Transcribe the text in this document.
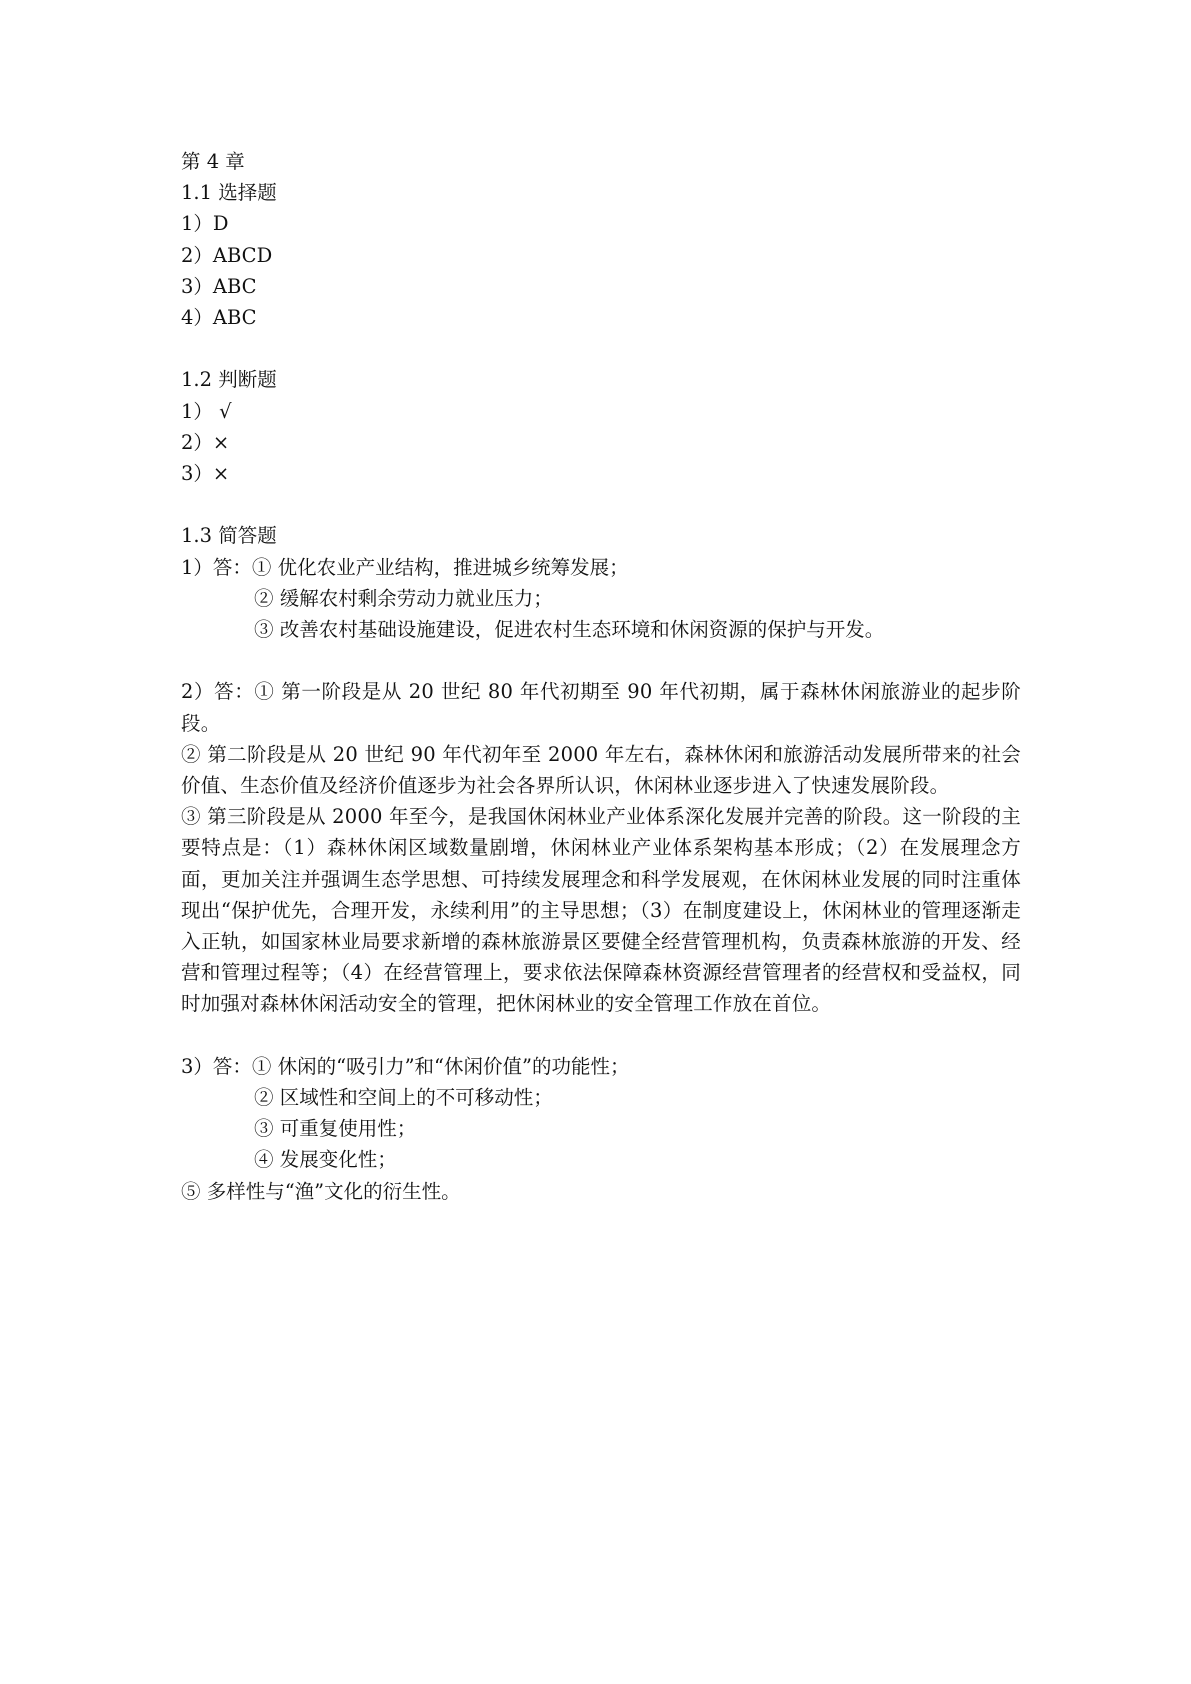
第 4 章

1.1 选择题

1）D

2）ABCD

3）ABC

4）ABC

1.2 判断题

1） √

2）×

3）×

1.3 简答题

1）答：① 优化农业产业结构，推进城乡统筹发展；

② 缓解农村剩余劳动力就业压力；

③ 改善农村基础设施建设，促进农村生态环境和休闲资源的保护与开发。

2）答：① 第一阶段是从 20 世纪 80 年代初期至 90 年代初期，属于森林休闲旅游业的起步阶段。

② 第二阶段是从 20 世纪 90 年代初年至 2000 年左右，森林休闲和旅游活动发展所带来的社会价值、生态价值及经济价值逐步为社会各界所认识，休闲林业逐步进入了快速发展阶段。

③ 第三阶段是从 2000 年至今，是我国休闲林业产业体系深化发展并完善的阶段。这一阶段的主要特点是：（1）森林休闲区域数量剧增，休闲林业产业体系架构基本形成；（2）在发展理念方面，更加关注并强调生态学思想、可持续发展理念和科学发展观，在休闲林业发展的同时注重体现出“保护优先，合理开发，永续利用”的主导思想；（3）在制度建设上，休闲林业的管理逐渐走入正轨，如国家林业局要求新增的森林旅游景区要健全经营管理机构，负责森林旅游的开发、经营和管理过程等；（4）在经营管理上，要求依法保障森林资源经营管理者的经营权和受益权，同时加强对森林休闲活动安全的管理，把休闲林业的安全管理工作放在首位。

3）答：① 休闲的“吸引力”和“休闲价值”的功能性；

② 区域性和空间上的不可移动性；

③ 可重复使用性；

④ 发展变化性；

⑤ 多样性与“渔”文化的衍生性。
